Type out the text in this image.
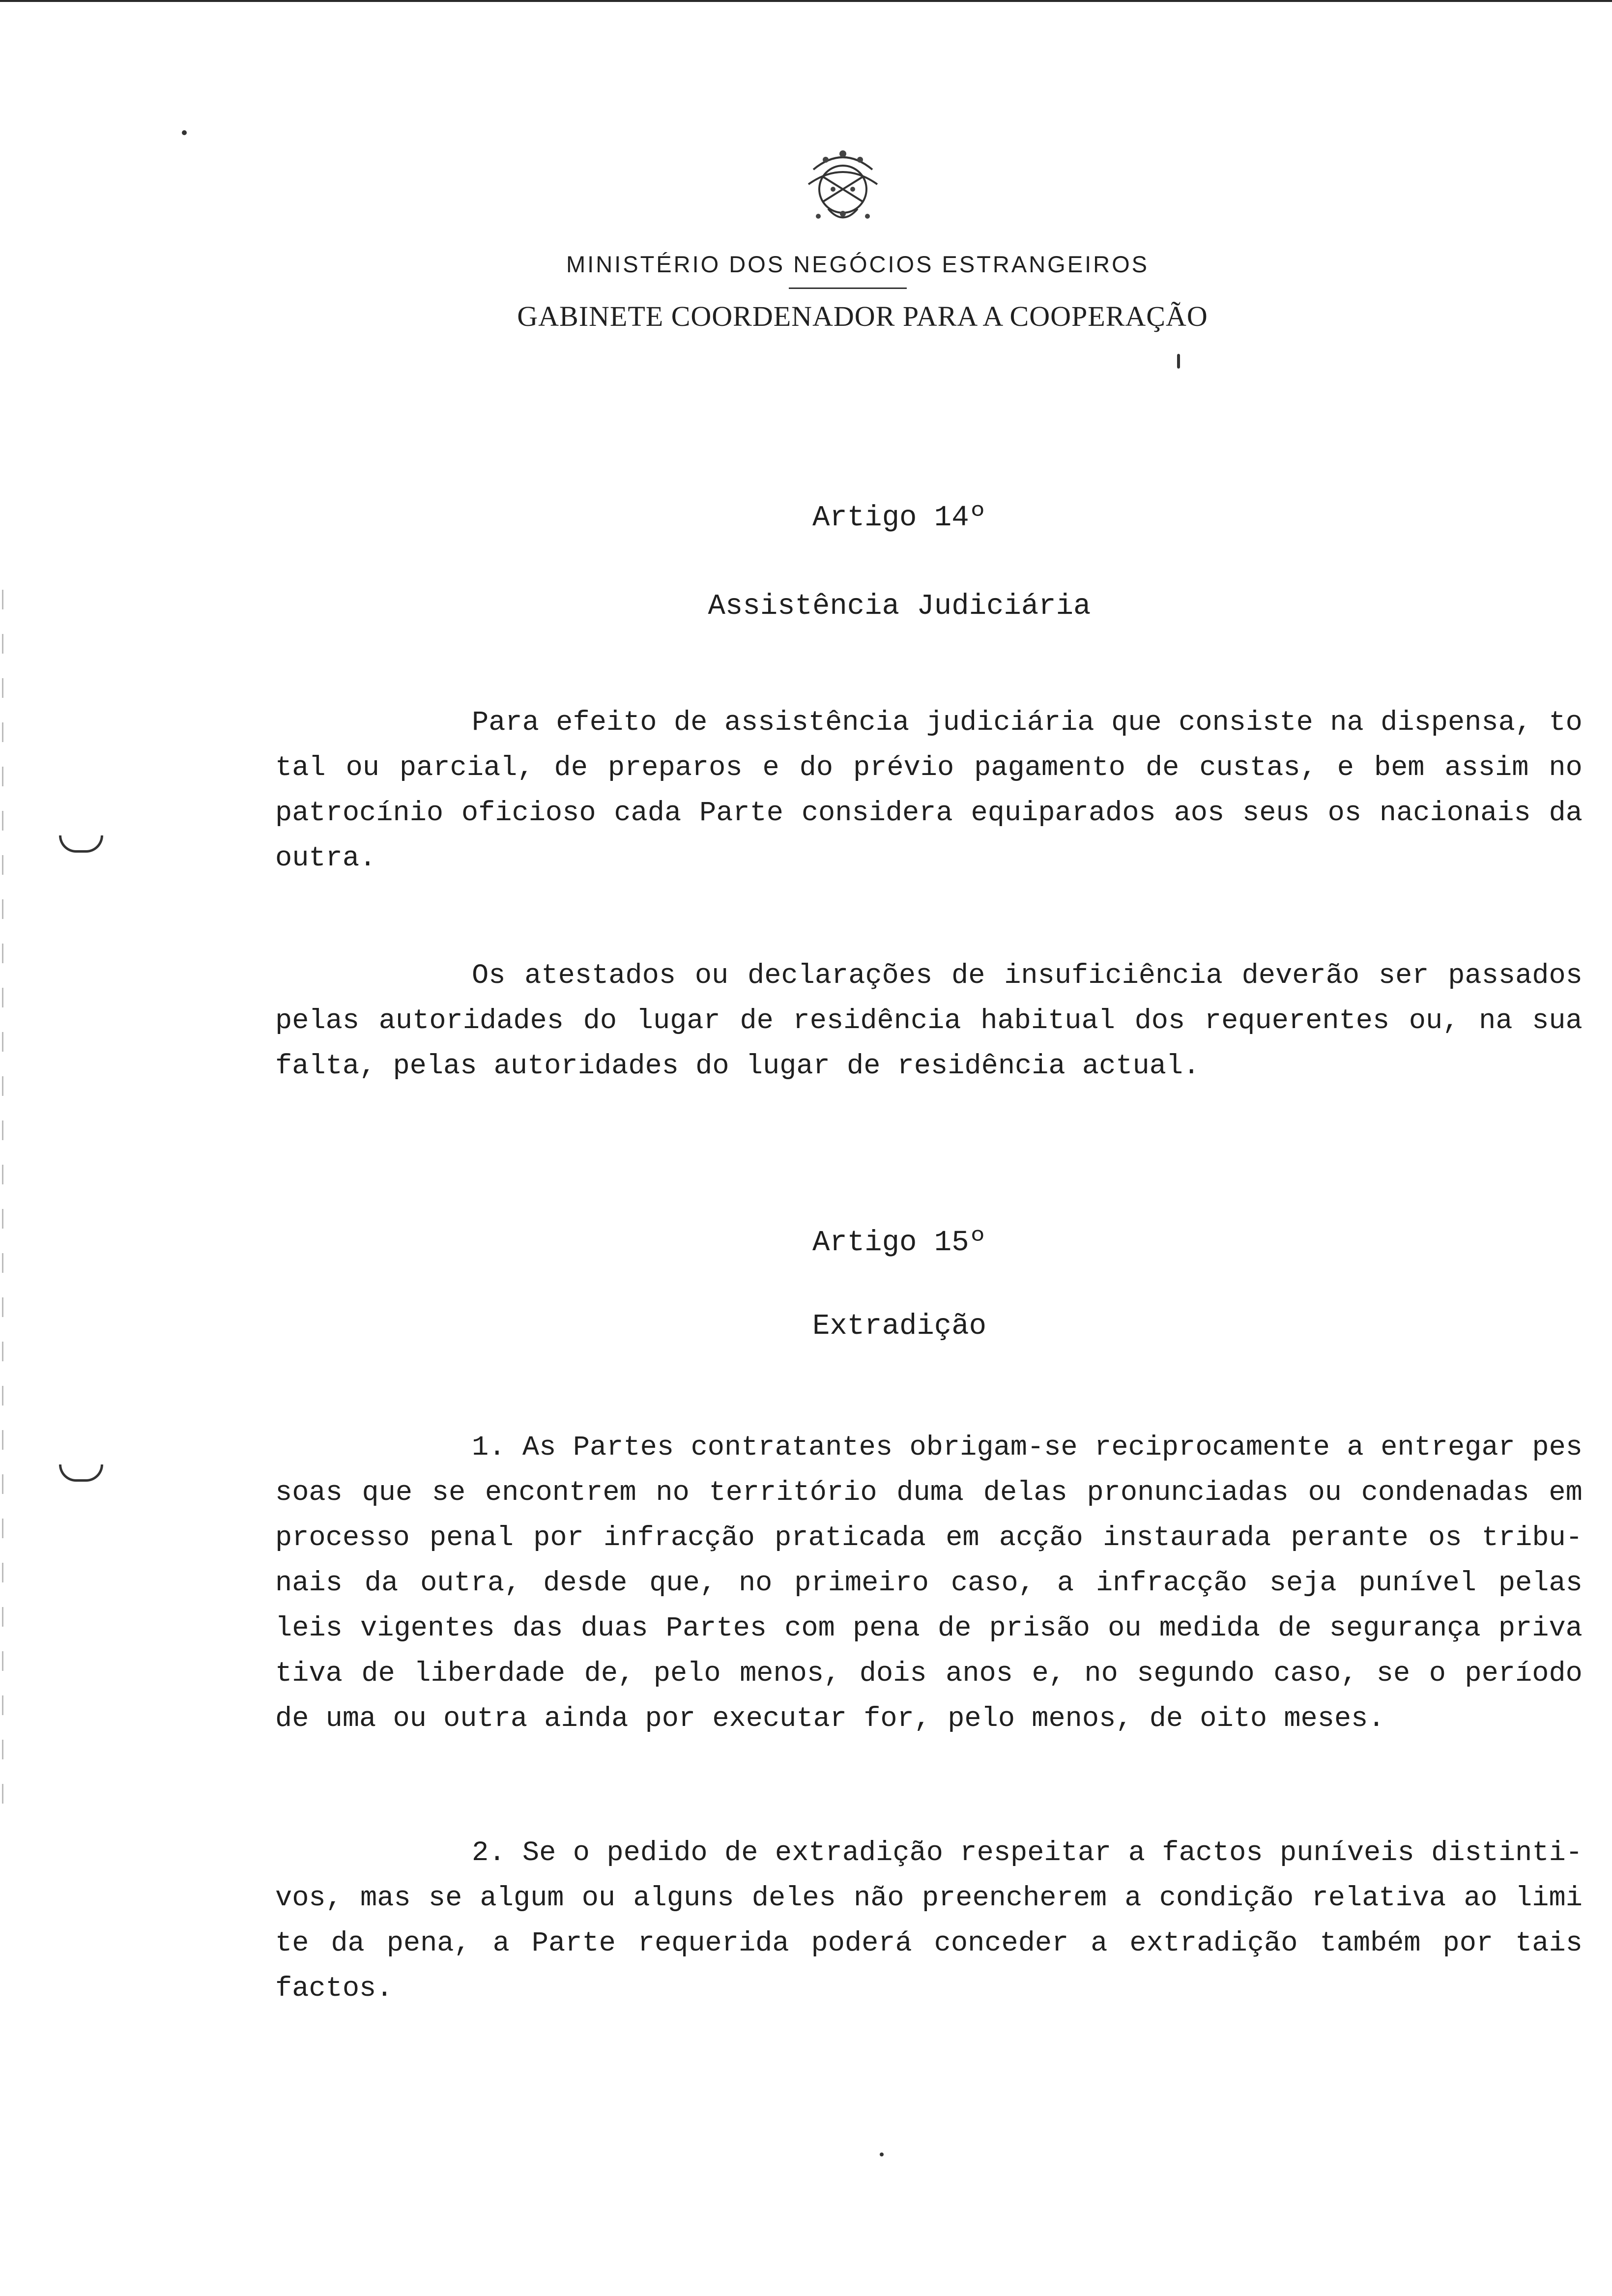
MINISTÉRIO DOS NEGÓCIOS ESTRANGEIROS
GABINETE COORDENADOR PARA A COOPERAÇÃO
Artigo 14º
Assistência Judiciária
Para efeito de assistência judiciária que consiste na dispensa, to
tal ou parcial, de preparos e do prévio pagamento de custas, e bem assim no
patrocínio oficioso cada Parte considera equiparados aos seus os nacionais da
outra.
Os atestados ou declarações de insuficiência deverão ser passados
pelas autoridades do lugar de residência habitual dos requerentes ou, na sua
falta, pelas autoridades do lugar de residência actual.
Artigo 15º
Extradição
1. As Partes contratantes obrigam-se reciprocamente a entregar pes
soas que se encontrem no território duma delas pronunciadas ou condenadas em
processo penal por infracção praticada em acção instaurada perante os tribu-
nais da outra, desde que, no primeiro caso, a infracção seja punível pelas
leis vigentes das duas Partes com pena de prisão ou medida de segurança priva
tiva de liberdade de, pelo menos, dois anos e, no segundo caso, se o período
de uma ou outra ainda por executar for, pelo menos, de oito meses.
2. Se o pedido de extradição respeitar a factos puníveis distinti-
vos, mas se algum ou alguns deles não preencherem a condição relativa ao limi
te da pena, a Parte requerida poderá conceder a extradição também por tais
factos.
